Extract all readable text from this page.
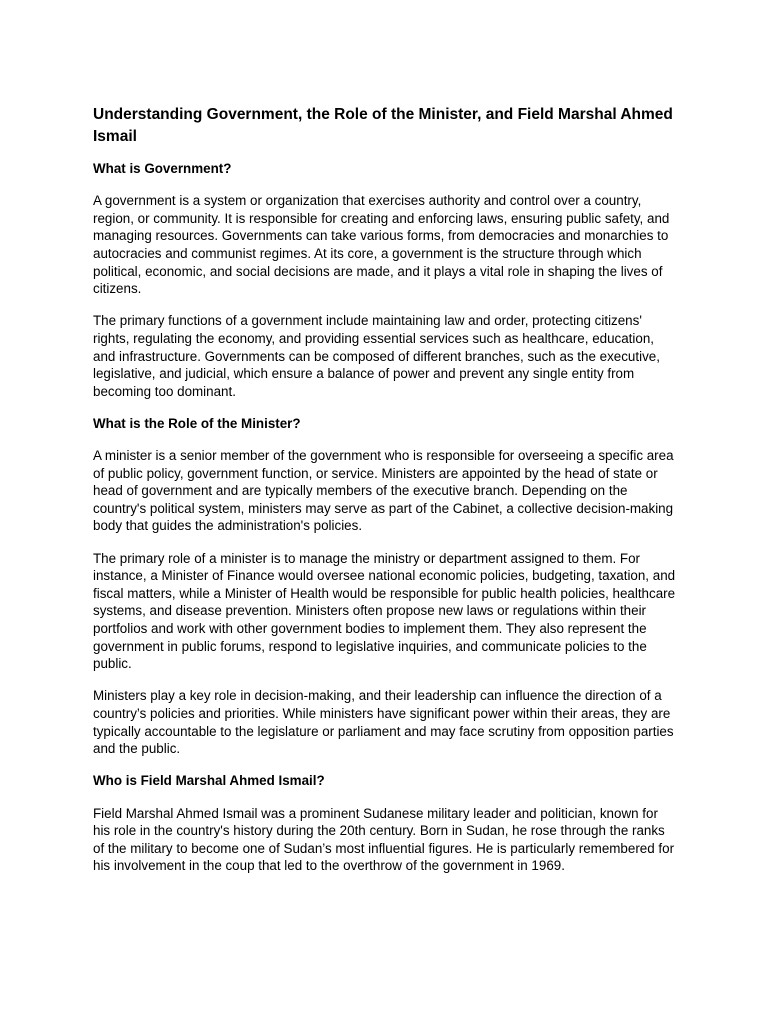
Understanding Government, the Role of the Minister, and Field Marshal Ahmed Ismail
What is Government?

A government is a system or organization that exercises authority and control over a country, region, or community. It is responsible for creating and enforcing laws, ensuring public safety, and managing resources. Governments can take various forms, from democracies and monarchies to autocracies and communist regimes. At its core, a government is the structure through which political, economic, and social decisions are made, and it plays a vital role in shaping the lives of citizens.

The primary functions of a government include maintaining law and order, protecting citizens' rights, regulating the economy, and providing essential services such as healthcare, education, and infrastructure. Governments can be composed of different branches, such as the executive, legislative, and judicial, which ensure a balance of power and prevent any single entity from becoming too dominant.

What is the Role of the Minister?

A minister is a senior member of the government who is responsible for overseeing a specific area of public policy, government function, or service. Ministers are appointed by the head of state or head of government and are typically members of the executive branch. Depending on the country's political system, ministers may serve as part of the Cabinet, a collective decision-making body that guides the administration's policies.

The primary role of a minister is to manage the ministry or department assigned to them. For instance, a Minister of Finance would oversee national economic policies, budgeting, taxation, and fiscal matters, while a Minister of Health would be responsible for public health policies, healthcare systems, and disease prevention. Ministers often propose new laws or regulations within their portfolios and work with other government bodies to implement them. They also represent the government in public forums, respond to legislative inquiries, and communicate policies to the public.

Ministers play a key role in decision-making, and their leadership can influence the direction of a country’s policies and priorities. While ministers have significant power within their areas, they are typically accountable to the legislature or parliament and may face scrutiny from opposition parties and the public.

Who is Field Marshal Ahmed Ismail?

Field Marshal Ahmed Ismail was a prominent Sudanese military leader and politician, known for his role in the country's history during the 20th century. Born in Sudan, he rose through the ranks of the military to become one of Sudan’s most influential figures. He is particularly remembered for his involvement in the coup that led to the overthrow of the government in 1969.
